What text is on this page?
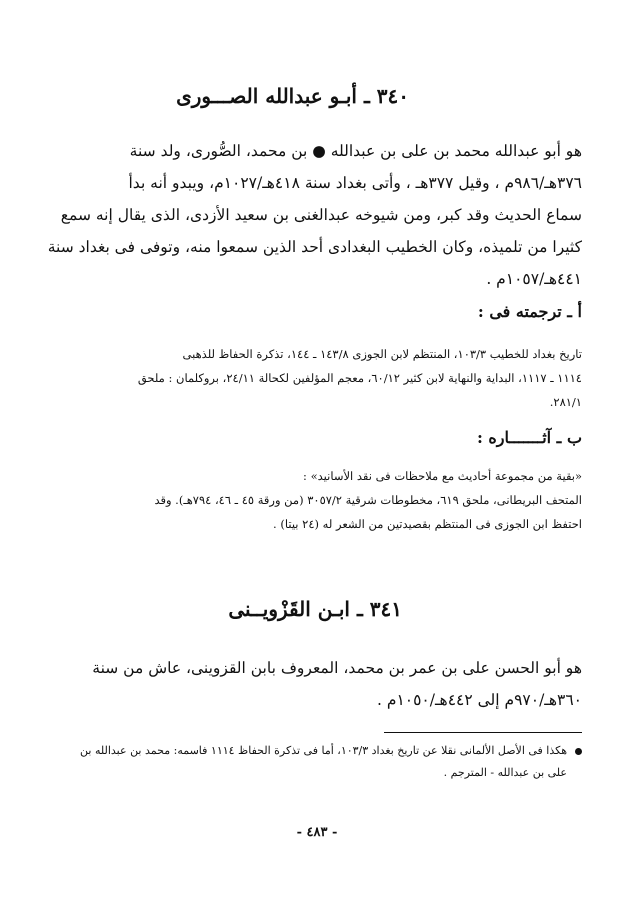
٣٤٠ ـ أبـو عبدالله الصـــورى

هو أبو عبدالله محمد بن على بن عبدالله ● بن محمد، الصُّورى، ولد سنة

٣٧٦هـ/٩٨٦م ، وقيل ٣٧٧هـ ، وأتى بغداد سنة ٤١٨هـ/١٠٢٧م، ويبدو أنه بدأ

سماع الحديث وقد كبر، ومن شيوخه عبدالغنى بن سعيد الأزدى، الذى يقال إنه سمع

كثيرا من تلميذه، وكان الخطيب البغدادى أحد الذين سمعوا منه، وتوفى فى بغداد سنة

٤٤١هـ/١٠٥٧م .

أ ـ ترجمته فى :

تاريخ بغداد للخطيب ١٠٣/٣، المنتظم لابن الجوزى ١٤٣/٨ ـ ١٤٤، تذكرة الحفاظ للذهبى

١١١٤ ـ ١١١٧، البداية والنهاية لابن كثير ٦٠/١٢، معجم المؤلفين لكحالة ٢٤/١١، بروكلمان : ملحق

٢٨١/١.

ب ـ آثـــــــاره :

«بقية من مجموعة أحاديث مع ملاحظات فى نقد الأسانيد» :

المتحف البريطانى، ملحق ٦١٩، مخطوطات شرقية ٣٠٥٧/٢ (من ورقة ٤٥ ـ ٤٦، ٧٩٤هـ). وقد

احتفظ ابن الجوزى فى المنتظم بقصيدتين من الشعر له (٢٤ بيتا) .

٣٤١ ـ ابـن القَزْويــنى

هو أبو الحسن على بن عمر بن محمد، المعروف بابن القزوينى، عاش من سنة

٣٦٠هـ/٩٧٠م إلى ٤٤٢هـ/١٠٥٠م .

هكذا فى الأصل الألمانى نقلا عن تاريخ بغداد ١٠٣/٣، أما فى تذكرة الحفاظ ١١١٤ فاسمه: محمد بن عبدالله بن

على بن عبدالله - المترجم .

- ٤٨٣ -
